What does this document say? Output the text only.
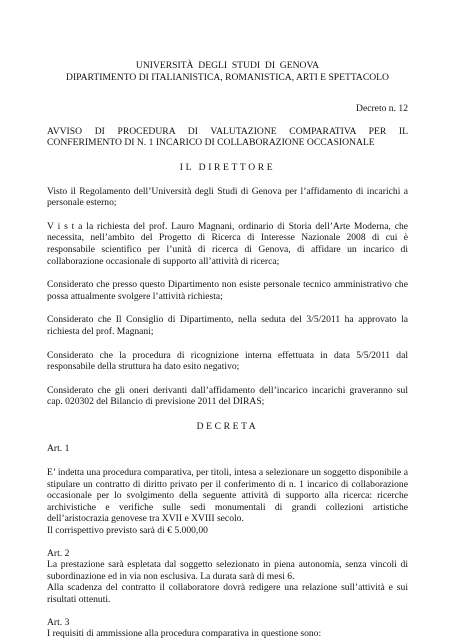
UNIVERSITÀ  DEGLI  STUDI  DI  GENOVA
DIPARTIMENTO DI ITALIANISTICA, ROMANISTICA, ARTI E SPETTACOLO

Decreto n. 12

AVVISO DI PROCEDURA DI VALUTAZIONE COMPARATIVA PER IL CONFERIMENTO DI N. 1 INCARICO DI COLLABORAZIONE OCCASIONALE

IL DIRETTORE

Visto il Regolamento dell’Università degli Studi di Genova per l’affidamento di incarichi a personale esterno;

V i s t a la richiesta del prof. Lauro Magnani, ordinario di Storia dell’Arte Moderna, che necessita, nell’ambito del Progetto di Ricerca di Interesse Nazionale 2008 di cui è responsabile scientifico per l’unità di ricerca di Genova, di affidare un incarico di collaborazione occasionale di supporto all’attività di ricerca;

Considerato che presso questo Dipartimento non esiste personale tecnico amministrativo che possa attualmente svolgere l’attività richiesta;

Considerato che Il Consiglio di Dipartimento, nella seduta del 3/5/2011 ha approvato la richiesta del prof. Magnani;

Considerato che la procedura di ricognizione interna effettuata in data 5/5/2011 dal responsabile della struttura ha dato esito negativo;

Considerato che gli oneri derivanti dall’affidamento dell’incarico incarichi graveranno sul cap. 020302 del Bilancio di previsione 2011 del DIRAS;

DECRETA

Art. 1

E’ indetta una procedura comparativa, per titoli, intesa a selezionare un soggetto disponibile a stipulare un contratto di diritto privato per il conferimento di n. 1 incarico di collaborazione occasionale per lo svolgimento della seguente attività di supporto alla ricerca: ricerche archivistiche e verifiche sulle sedi monumentali di grandi collezioni artistiche dell’aristocrazia genovese tra XVII e XVIII secolo.

Il corrispettivo previsto sarà di € 5.000,00

Art. 2

La prestazione sarà espletata dal soggetto selezionato in piena autonomia, senza vincoli di subordinazione ed in via non esclusiva. La durata sarà di mesi 6.

Alla scadenza del contratto il collaboratore dovrà redigere una relazione sull’attività e sui risultati ottenuti.

Art. 3

I requisiti di ammissione alla procedura comparativa in questione sono:
